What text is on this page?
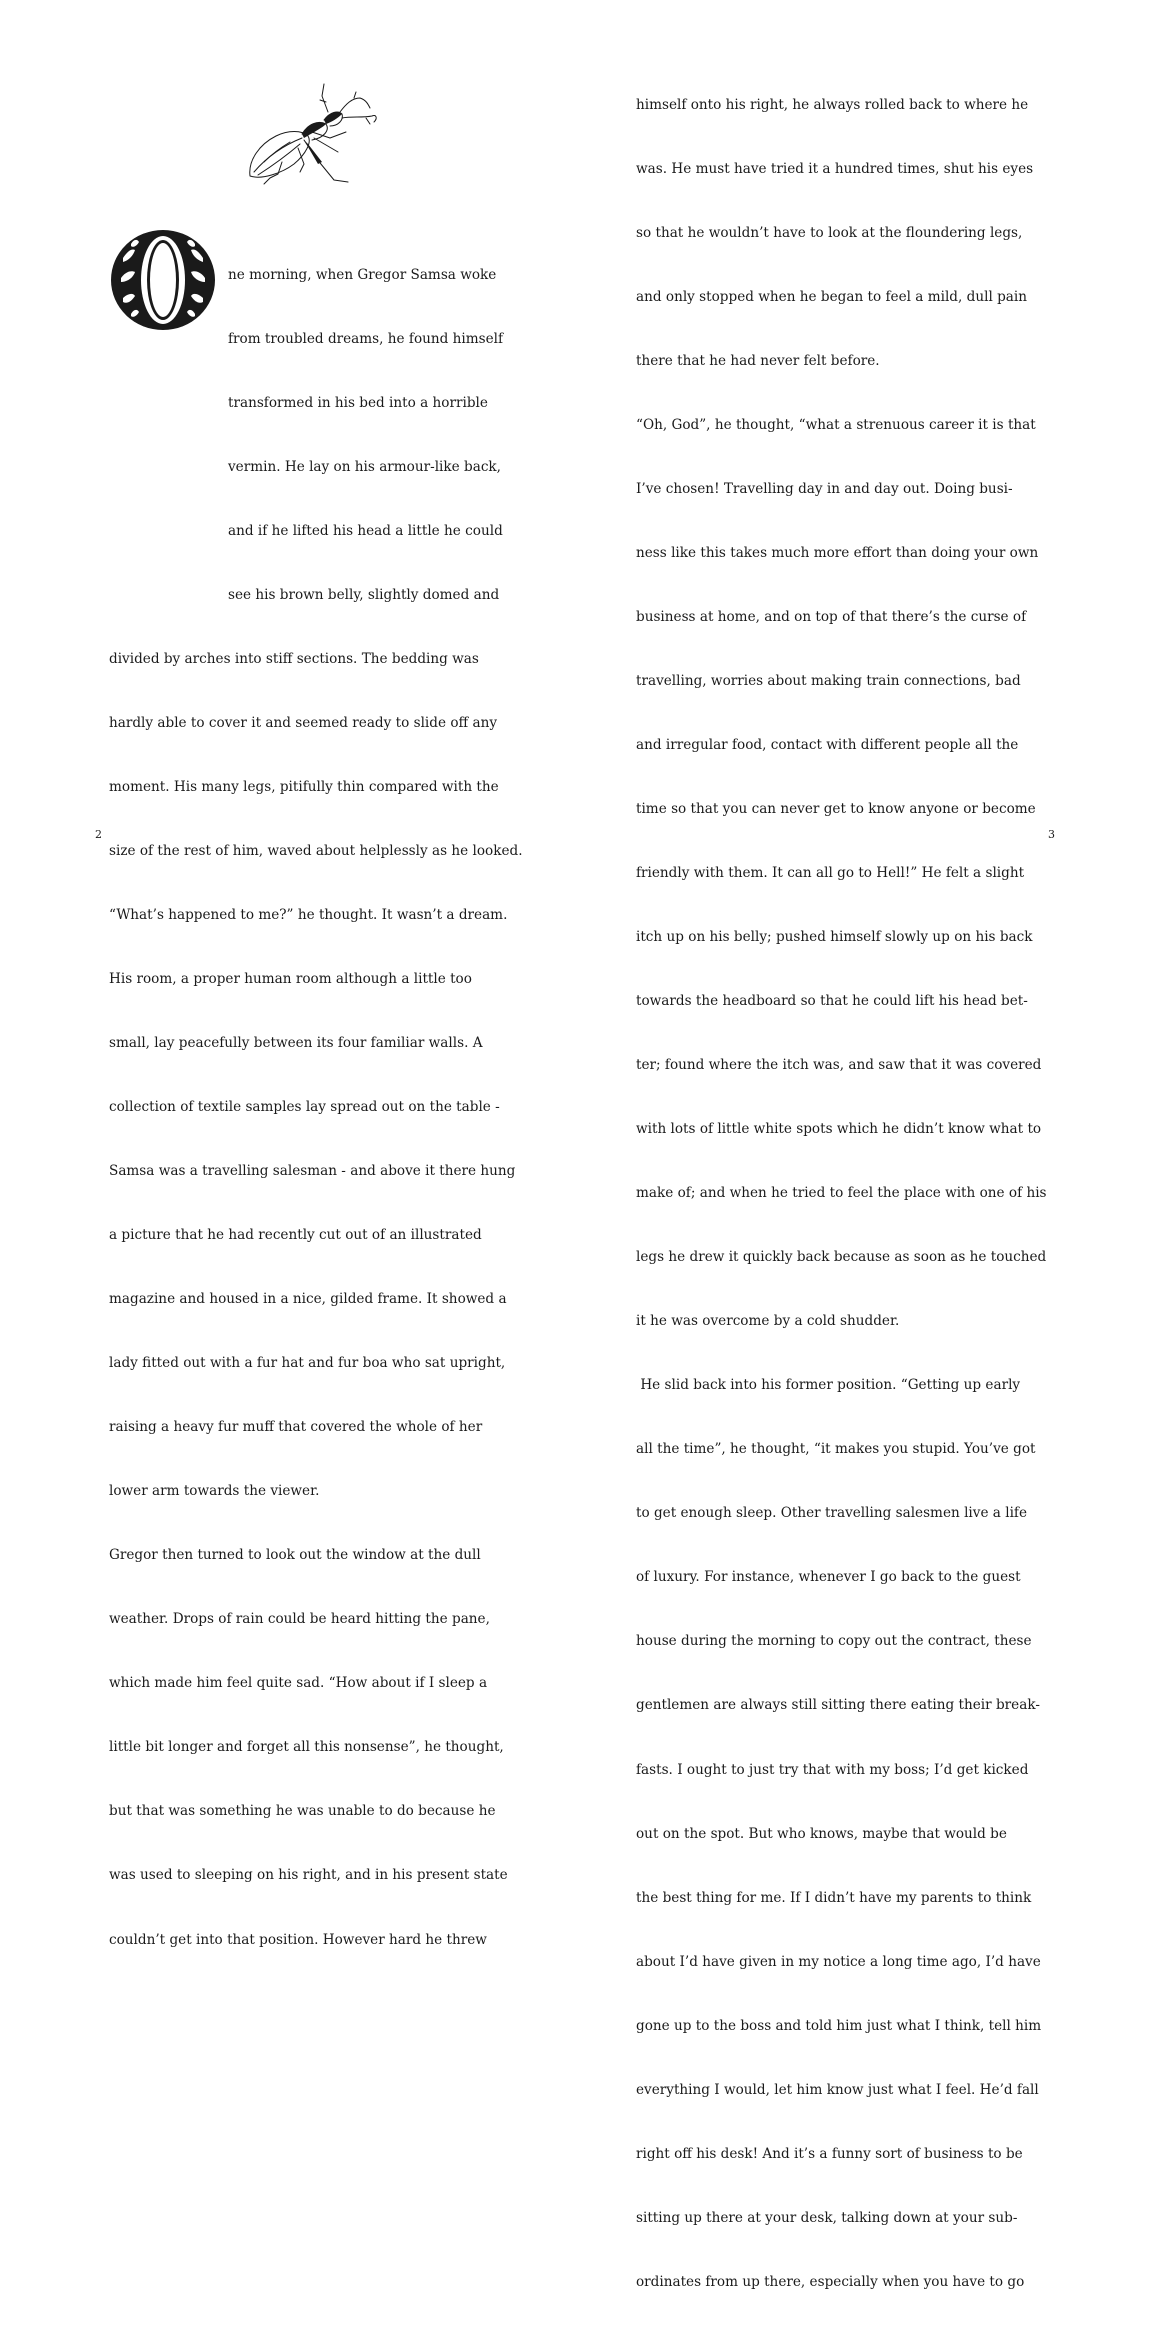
ne morning, when Gregor Samsa woke

from troubled dreams, he found himself

transformed in his bed into a horrible

vermin. He lay on his armour-like back,

and if he lifted his head a little he could

see his brown belly, slightly domed and

divided by arches into stiff sections. The bedding was

hardly able to cover it and seemed ready to slide off any

moment. His many legs, pitifully thin compared with the

size of the rest of him, waved about helplessly as he looked.

“What’s happened to me?” he thought. It wasn’t a dream.

His room, a proper human room although a little too

small, lay peacefully between its four familiar walls. A

collection of textile samples lay spread out on the table -

Samsa was a travelling salesman - and above it there hung

a picture that he had recently cut out of an illustrated

magazine and housed in a nice, gilded frame. It showed a

lady fitted out with a fur hat and fur boa who sat upright,

raising a heavy fur muff that covered the whole of her

lower arm towards the viewer.

Gregor then turned to look out the window at the dull

weather. Drops of rain could be heard hitting the pane,

which made him feel quite sad. “How about if I sleep a

little bit longer and forget all this nonsense”, he thought,

but that was something he was unable to do because he

was used to sleeping on his right, and in his present state

couldn’t get into that position. However hard he threw

2

himself onto his right, he always rolled back to where he

was. He must have tried it a hundred times, shut his eyes

so that he wouldn’t have to look at the floundering legs,

and only stopped when he began to feel a mild, dull pain

there that he had never felt before.

“Oh, God”, he thought, “what a strenuous career it is that

I’ve chosen! Travelling day in and day out. Doing busi-

ness like this takes much more effort than doing your own

business at home, and on top of that there’s the curse of

travelling, worries about making train connections, bad

and irregular food, contact with different people all the

time so that you can never get to know anyone or become

friendly with them. It can all go to Hell!” He felt a slight

itch up on his belly; pushed himself slowly up on his back

towards the headboard so that he could lift his head bet-

ter; found where the itch was, and saw that it was covered

with lots of little white spots which he didn’t know what to

make of; and when he tried to feel the place with one of his

legs he drew it quickly back because as soon as he touched

it he was overcome by a cold shudder.

He slid back into his former position. “Getting up early

all the time”, he thought, “it makes you stupid. You’ve got

to get enough sleep. Other travelling salesmen live a life

of luxury. For instance, whenever I go back to the guest

house during the morning to copy out the contract, these

gentlemen are always still sitting there eating their break-

fasts. I ought to just try that with my boss; I’d get kicked

out on the spot. But who knows, maybe that would be

the best thing for me. If I didn’t have my parents to think

about I’d have given in my notice a long time ago, I’d have

gone up to the boss and told him just what I think, tell him

everything I would, let him know just what I feel. He’d fall

right off his desk! And it’s a funny sort of business to be

sitting up there at your desk, talking down at your sub-

ordinates from up there, especially when you have to go

3
